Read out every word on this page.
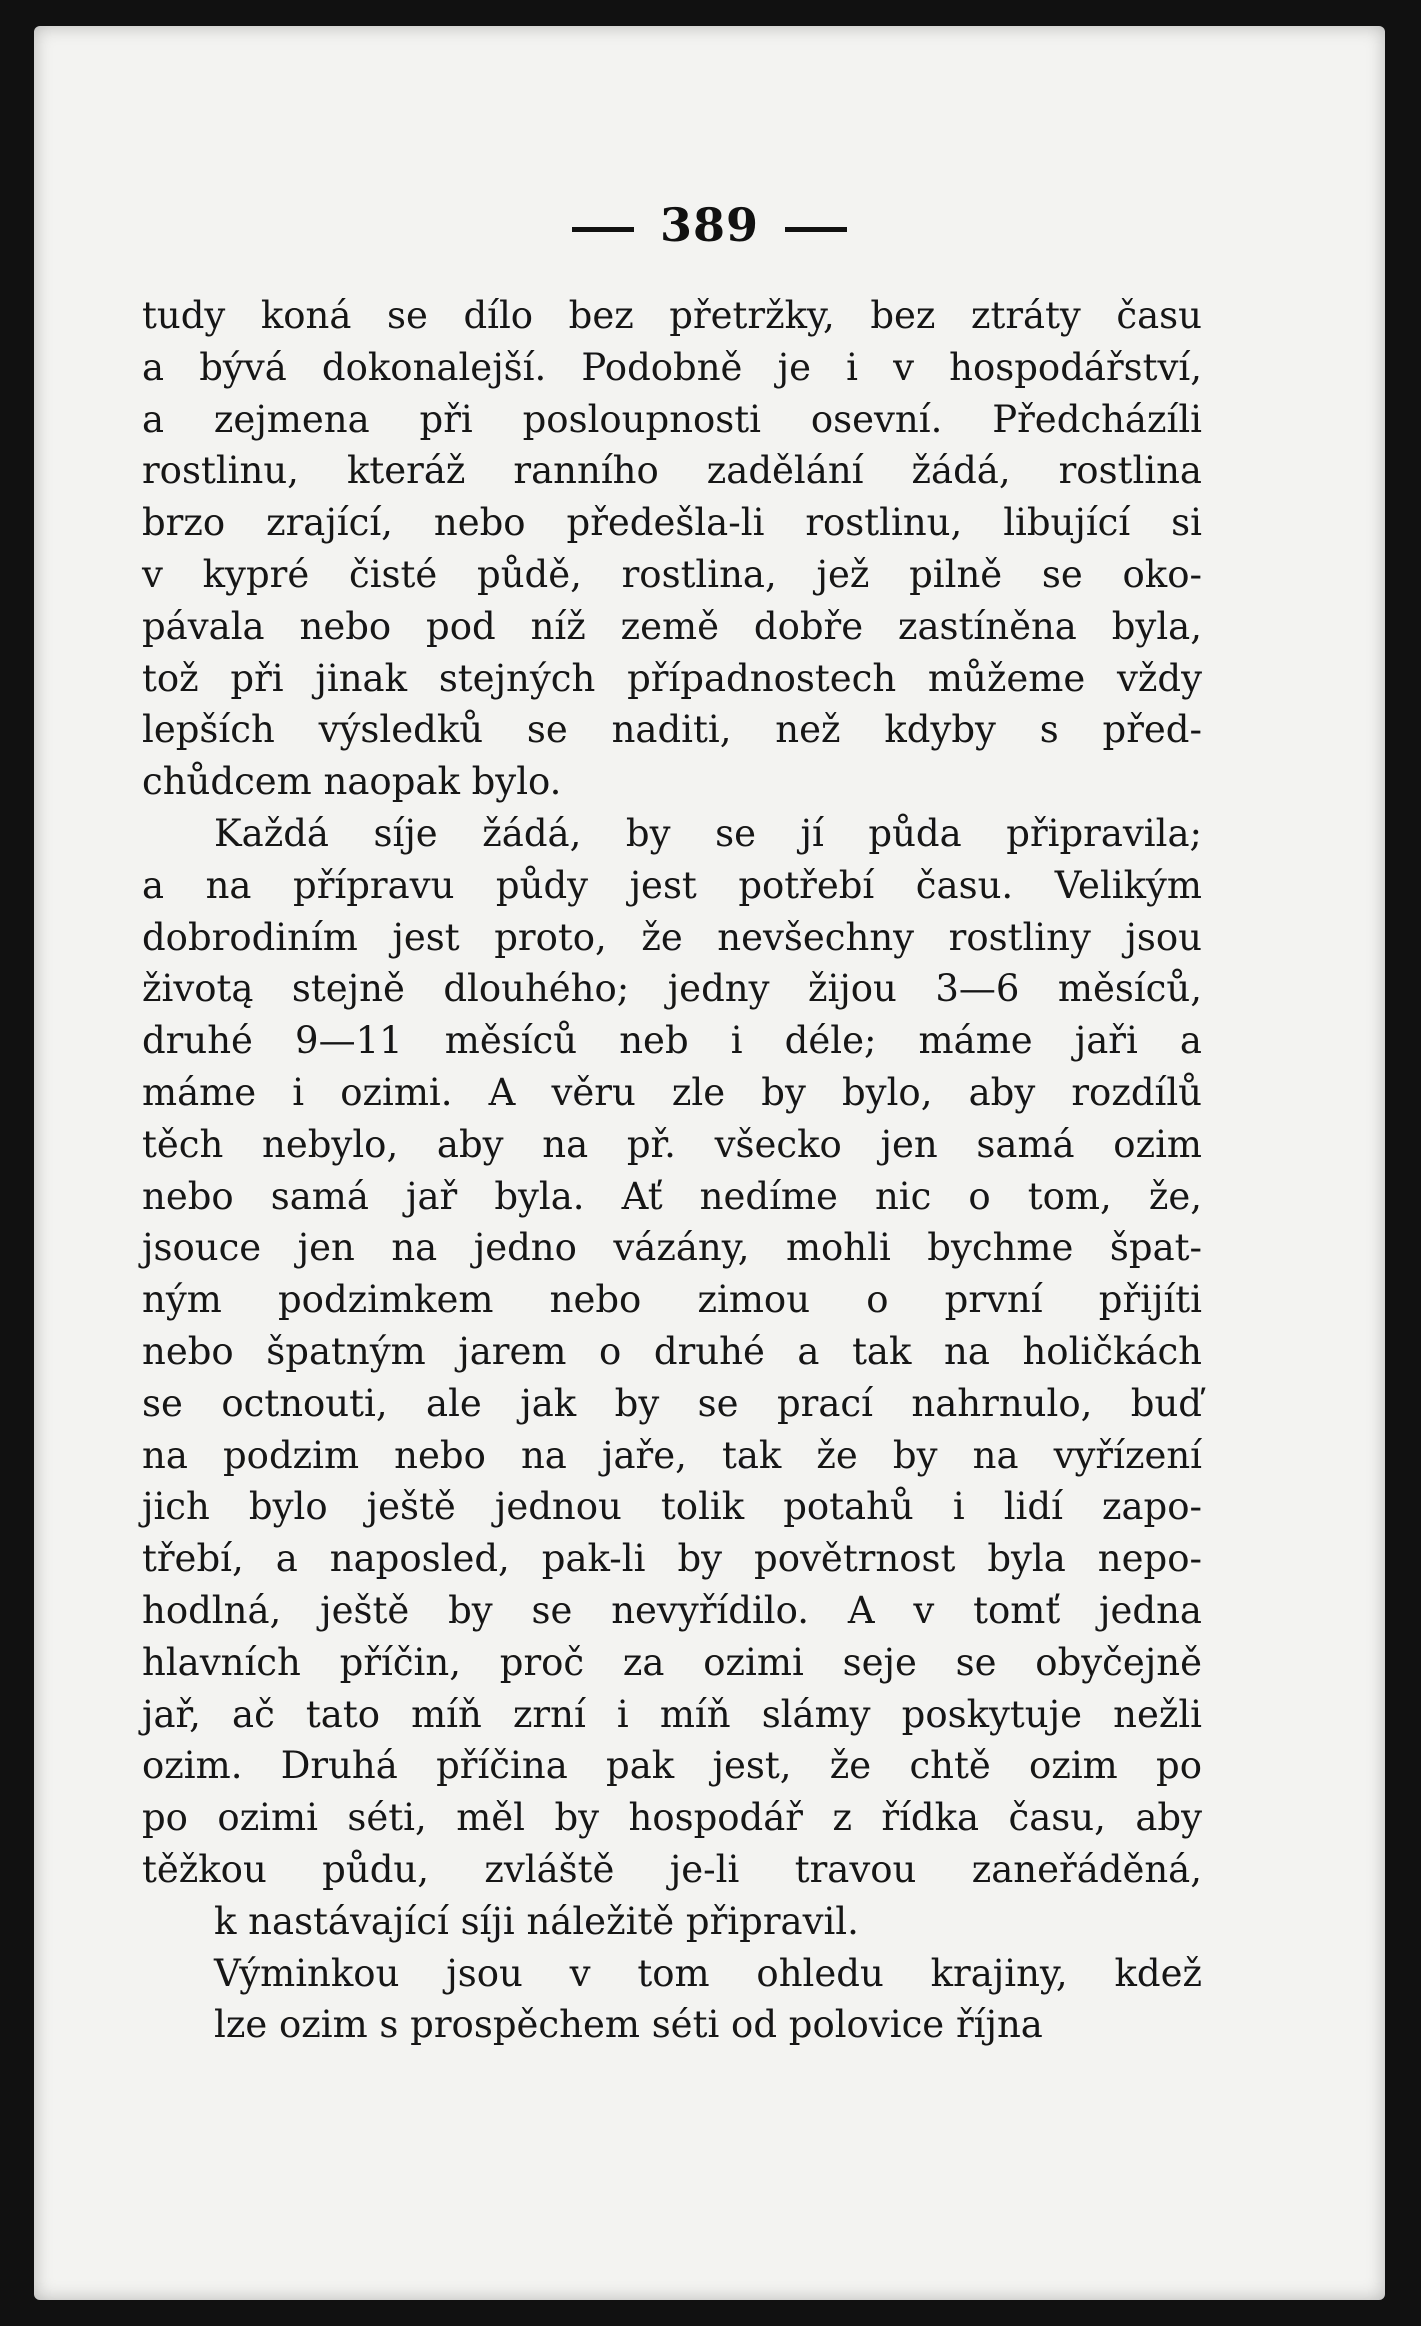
389

tudy koná se dílo bez přetržky, bez ztráty času
a bývá dokonalejší. Podobně je i v hospodářství,
a zejmena při posloupnosti osevní. Předcházíli
rostlinu, kteráž ranního zadělání žádá, rostlina
brzo zrající, nebo předešla-li rostlinu, libující si
v kypré čisté půdě, rostlina, jež pilně se oko-
pávala nebo pod níž země dobře zastíněna byla,
tož při jinak stejných případnostech můžeme vždy
lepších výsledků se naditi, než kdyby s před-

chůdcem naopak bylo.

Každá síje žádá, by se jí půda připravila;
a na přípravu půdy jest potřebí času. Velikým
dobrodiním jest proto, že nevšechny rostliny jsou
životą stejně dlouhého; jedny žijou 3—6 měsíců,
druhé 9—11 měsíců neb i déle; máme jaři a
máme i ozimi. A věru zle by bylo, aby rozdílů
těch nebylo, aby na př. všecko jen samá ozim
nebo samá jař byla. Ať nedíme nic o tom, že,
jsouce jen na jedno vázány, mohli bychme špat-
ným podzimkem nebo zimou o první přijíti
nebo špatným jarem o druhé a tak na holičkách
se octnouti, ale jak by se prací nahrnulo, buď
na podzim nebo na jaře, tak že by na vyřízení
jich bylo ještě jednou tolik potahů i lidí zapo-
třebí, a naposled, pak-li by povětrnost byla nepo-
hodlná, ještě by se nevyřídilo. A v tomť jedna
hlavních příčin, proč za ozimi seje se obyčejně
jař, ač tato míň zrní i míň slámy poskytuje nežli
ozim. Druhá příčina pak jest, že chtě ozim po
po ozimi séti, měl by hospodář z řídka času, aby
těžkou půdu, zvláště je-li travou zaneřáděná,

k nastávající síji náležitě připravil.

Výminkou jsou v tom ohledu krajiny, kdež

lze ozim s prospěchem séti od polovice října
